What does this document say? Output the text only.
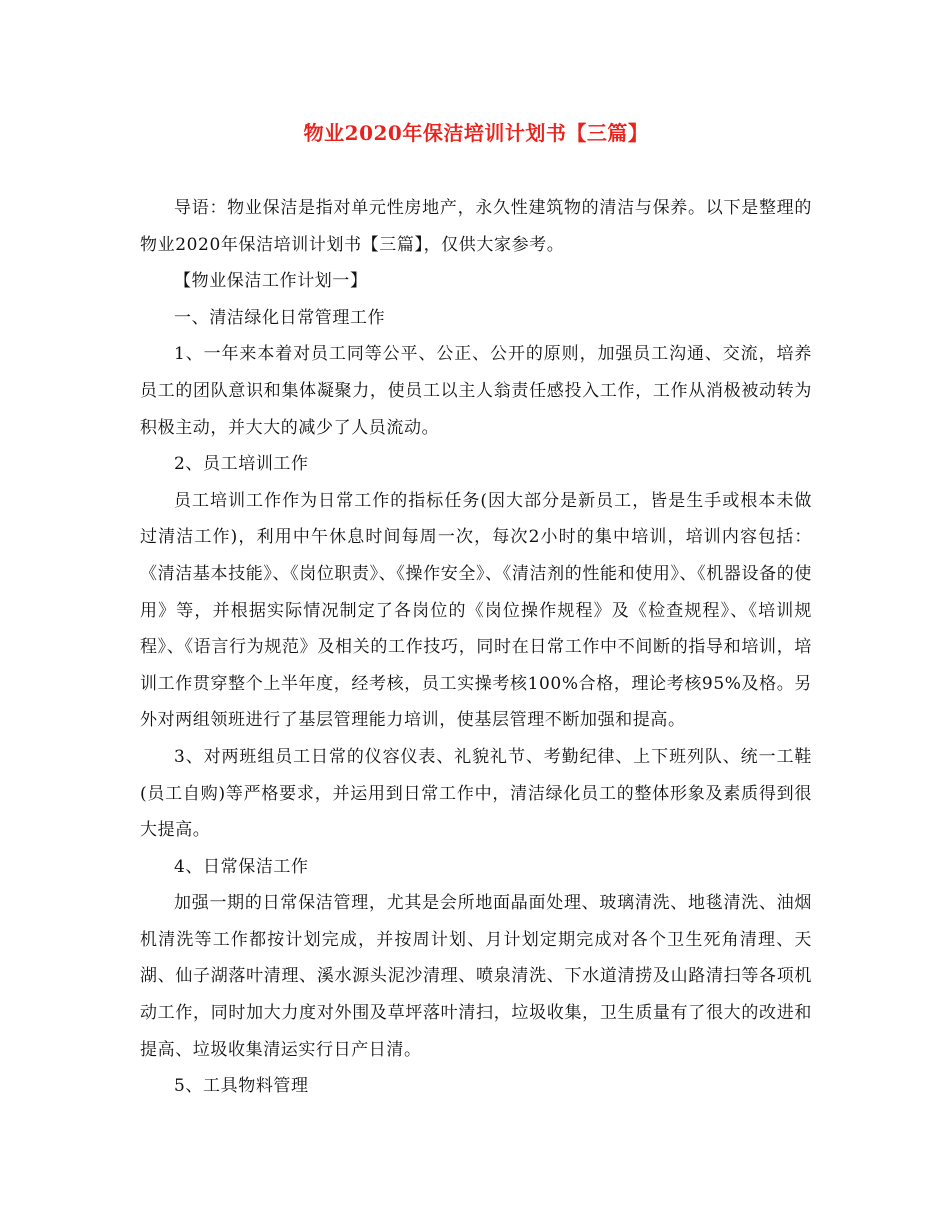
物业2020年保洁培训计划书【三篇】

导语：物业保洁是指对单元性房地产，永久性建筑物的清洁与保养。以下是整理的物业2020年保洁培训计划书【三篇】，仅供大家参考。

【物业保洁工作计划一】

一、清洁绿化日常管理工作

1、一年来本着对员工同等公平、公正、公开的原则，加强员工沟通、交流，培养员工的团队意识和集体凝聚力，使员工以主人翁责任感投入工作，工作从消极被动转为积极主动，并大大的减少了人员流动。

2、员工培训工作

员工培训工作作为日常工作的指标任务(因大部分是新员工，皆是生手或根本未做过清洁工作)，利用中午休息时间每周一次，每次2小时的集中培训，培训内容包括：《清洁基本技能》、《岗位职责》、《操作安全》、《清洁剂的性能和使用》、《机器设备的使用》等，并根据实际情况制定了各岗位的《岗位操作规程》及《检查规程》、《培训规程》、《语言行为规范》及相关的工作技巧，同时在日常工作中不间断的指导和培训，培训工作贯穿整个上半年度，经考核，员工实操考核100%合格，理论考核95%及格。另外对两组领班进行了基层管理能力培训，使基层管理不断加强和提高。

3、对两班组员工日常的仪容仪表、礼貌礼节、考勤纪律、上下班列队、统一工鞋(员工自购)等严格要求，并运用到日常工作中，清洁绿化员工的整体形象及素质得到很大提高。

4、日常保洁工作

加强一期的日常保洁管理，尤其是会所地面晶面处理、玻璃清洗、地毯清洗、油烟机清洗等工作都按计划完成，并按周计划、月计划定期完成对各个卫生死角清理、天湖、仙子湖落叶清理、溪水源头泥沙清理、喷泉清洗、下水道清捞及山路清扫等各项机动工作，同时加大力度对外围及草坪落叶清扫，垃圾收集，卫生质量有了很大的改进和提高、垃圾收集清运实行日产日清。

5、工具物料管理
